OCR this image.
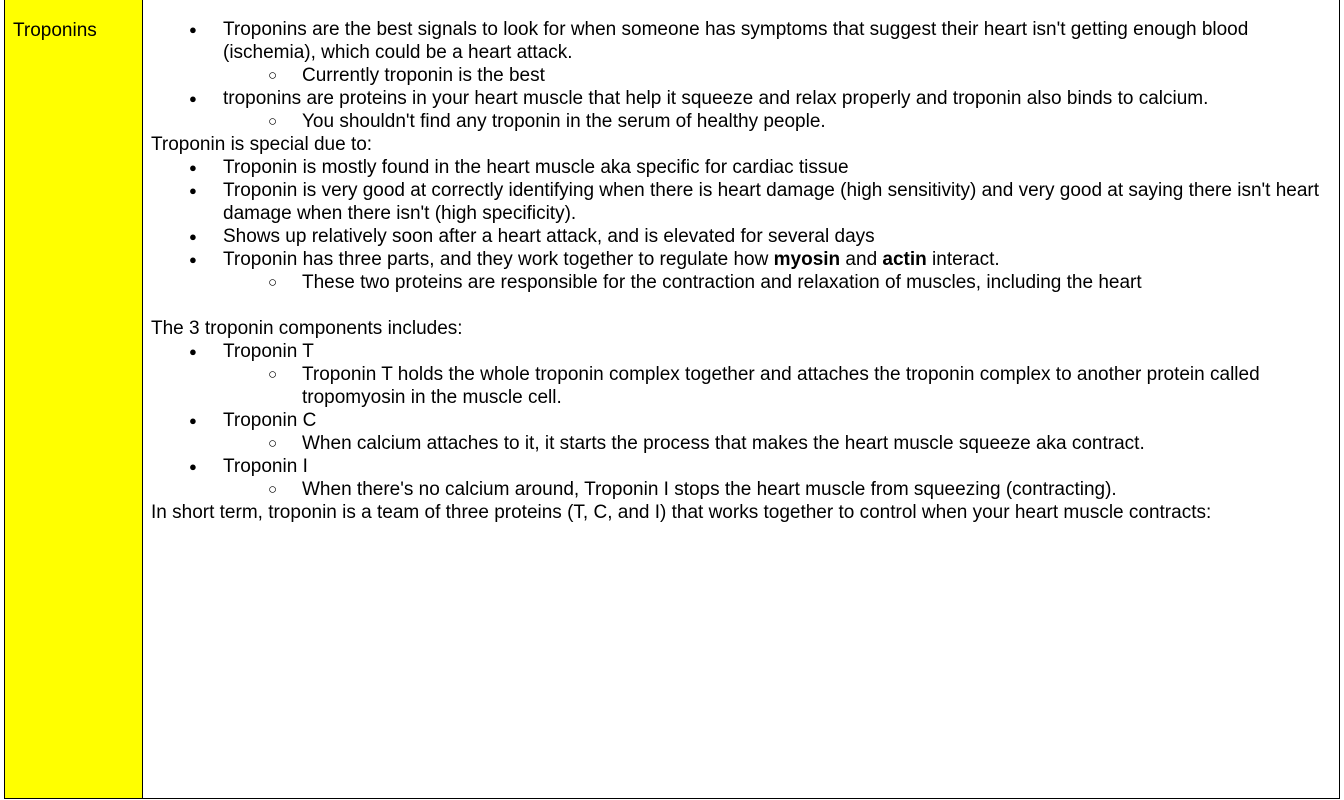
Troponins

●Troponins are the best signals to look for when someone has symptoms that suggest their heart isn't getting enough blood (ischemia), which could be a heart attack.
○ Currently troponin is the best
● troponins are proteins in your heart muscle that help it squeeze and relax properly and troponin also binds to calcium.
○ You shouldn't find any troponin in the serum of healthy people.

Troponin is special due to:

● Troponin is mostly found in the heart muscle aka specific for cardiac tissue
● Troponin is very good at correctly identifying when there is heart damage (high sensitivity) and very good at saying there isn't heart damage when there isn't (high specificity).
● Shows up relatively soon after a heart attack, and is elevated for several days
● Troponin has three parts, and they work together to regulate how myosin and actin interact.
○ These two proteins are responsible for the contraction and relaxation of muscles, including the heart

The 3 troponin components includes:

● Troponin T
○ Troponin T holds the whole troponin complex together and attaches the troponin complex to another protein called tropomyosin in the muscle cell.
● Troponin C
○ When calcium attaches to it, it starts the process that makes the heart muscle squeeze aka contract.
● Troponin I
○ When there's no calcium around, Troponin I stops the heart muscle from squeezing (contracting).

In short term, troponin is a team of three proteins (T, C, and I) that works together to control when your heart muscle contracts:
